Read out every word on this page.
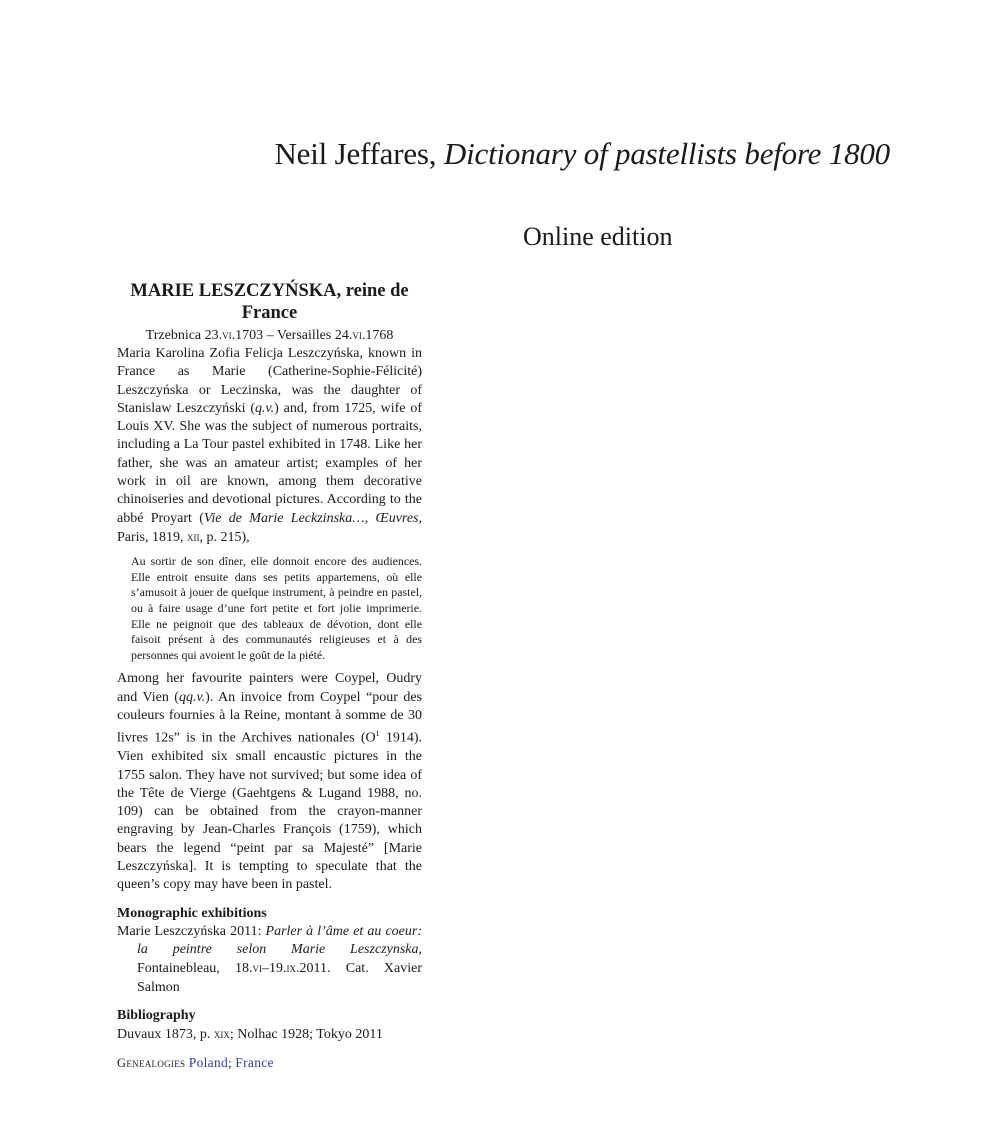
Neil Jeffares, Dictionary of pastellists before 1800
Online edition
MARIE LESZCZYŃSKA, reine de France
Trzebnica 23.vi.1703 – Versailles 24.vi.1768

Maria Karolina Zofia Felicja Leszczyńska, known in France as Marie (Catherine-Sophie-Félicité) Leszczyńska or Leczinska, was the daughter of Stanislaw Leszczyński (q.v.) and, from 1725, wife of Louis XV. She was the subject of numerous portraits, including a La Tour pastel exhibited in 1748. Like her father, she was an amateur artist; examples of her work in oil are known, among them decorative chinoiseries and devotional pictures. According to the abbé Proyart (Vie de Marie Leckzinska…, Œuvres, Paris, 1819, xii, p. 215),

Au sortir de son dîner, elle donnoit encore des audiences. Elle entroit ensuite dans ses petits appartemens, où elle s’amusoit à jouer de quelque instrument, à peindre en pastel, ou à faire usage d’une fort petite et fort jolie imprimerie. Elle ne peignoit que des tableaux de dévotion, dont elle faisoit présent à des communautés religieuses et à des personnes qui avoient le goût de la piété.

Among her favourite painters were Coypel, Oudry and Vien (qq.v.). An invoice from Coypel “pour des couleurs fournies à la Reine, montant à somme de 30 livres 12s” is in the Archives nationales ($O^1$ 1914). Vien exhibited six small encaustic pictures in the 1755 salon. They have not survived; but some idea of the Tête de Vierge (Gaehtgens & Lugand 1988, no. 109) can be obtained from the crayon-manner engraving by Jean-Charles François (1759), which bears the legend “peint par sa Majesté” [Marie Leszczyńska]. It is tempting to speculate that the queen’s copy may have been in pastel.

Monographic exhibitions

Marie Leszczyńska 2011: Parler à l’âme et au coeur: la peintre selon Marie Leszczynska, Fontainebleau, 18.vi–19.ix.2011. Cat. Xavier Salmon

Bibliography

Duvaux 1873, p. xix; Nolhac 1928; Tokyo 2011

Genealogies Poland; France
